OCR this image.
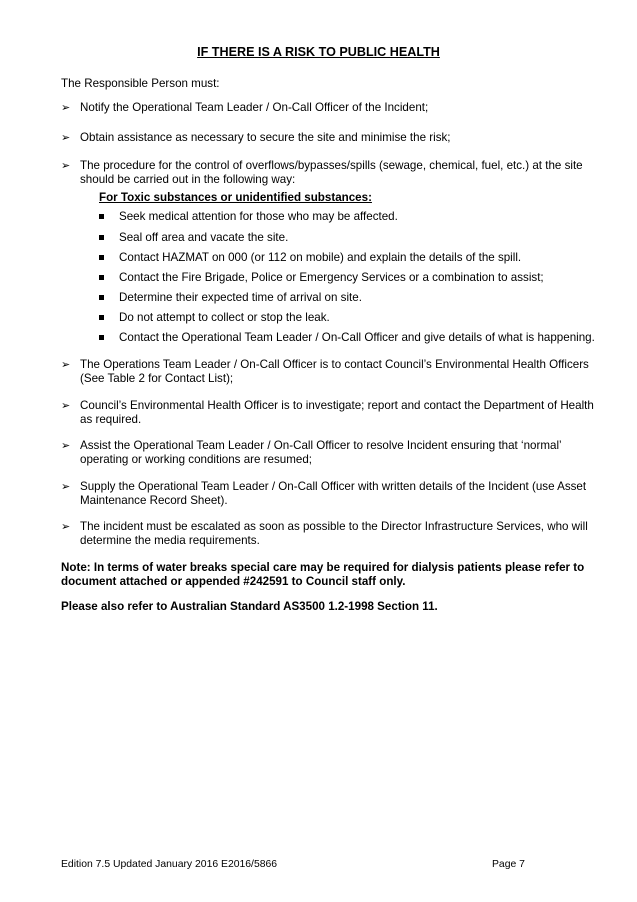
IF THERE IS A RISK TO PUBLIC HEALTH

The Responsible Person must:

➢ Notify the Operational Team Leader / On-Call Officer of the Incident;
➢ Obtain assistance as necessary to secure the site and minimise the risk;
➢ The procedure for the control of overflows/bypasses/spills (sewage, chemical, fuel, etc.) at the site should be carried out in the following way:

For Toxic substances or unidentified substances:

Seek medical attention for those who may be affected.
Seal off area and vacate the site.
Contact HAZMAT on 000 (or 112 on mobile) and explain the details of the spill.
Contact the Fire Brigade, Police or Emergency Services or a combination to assist;
Determine their expected time of arrival on site.
Do not attempt to collect or stop the leak.
Contact the Operational Team Leader / On-Call Officer and give details of what is happening.
➢ The Operations Team Leader / On-Call Officer is to contact Council’s Environmental Health Officers (See Table 2 for Contact List);
➢ Council’s Environmental Health Officer is to investigate; report and contact the Department of Health as required.
➢ Assist the Operational Team Leader / On-Call Officer to resolve Incident ensuring that ‘normal’ operating or working conditions are resumed;
➢ Supply the Operational Team Leader / On-Call Officer with written details of the Incident (use Asset Maintenance Record Sheet).
➢ The incident must be escalated as soon as possible to the Director Infrastructure Services, who will determine the media requirements.

Note: In terms of water breaks special care may be required for dialysis patients please refer to document attached or appended #242591 to Council staff only.

Please also refer to Australian Standard AS3500 1.2-1998 Section 11.

Edition 7.5 Updated January 2016 E2016/5866	Page 7
